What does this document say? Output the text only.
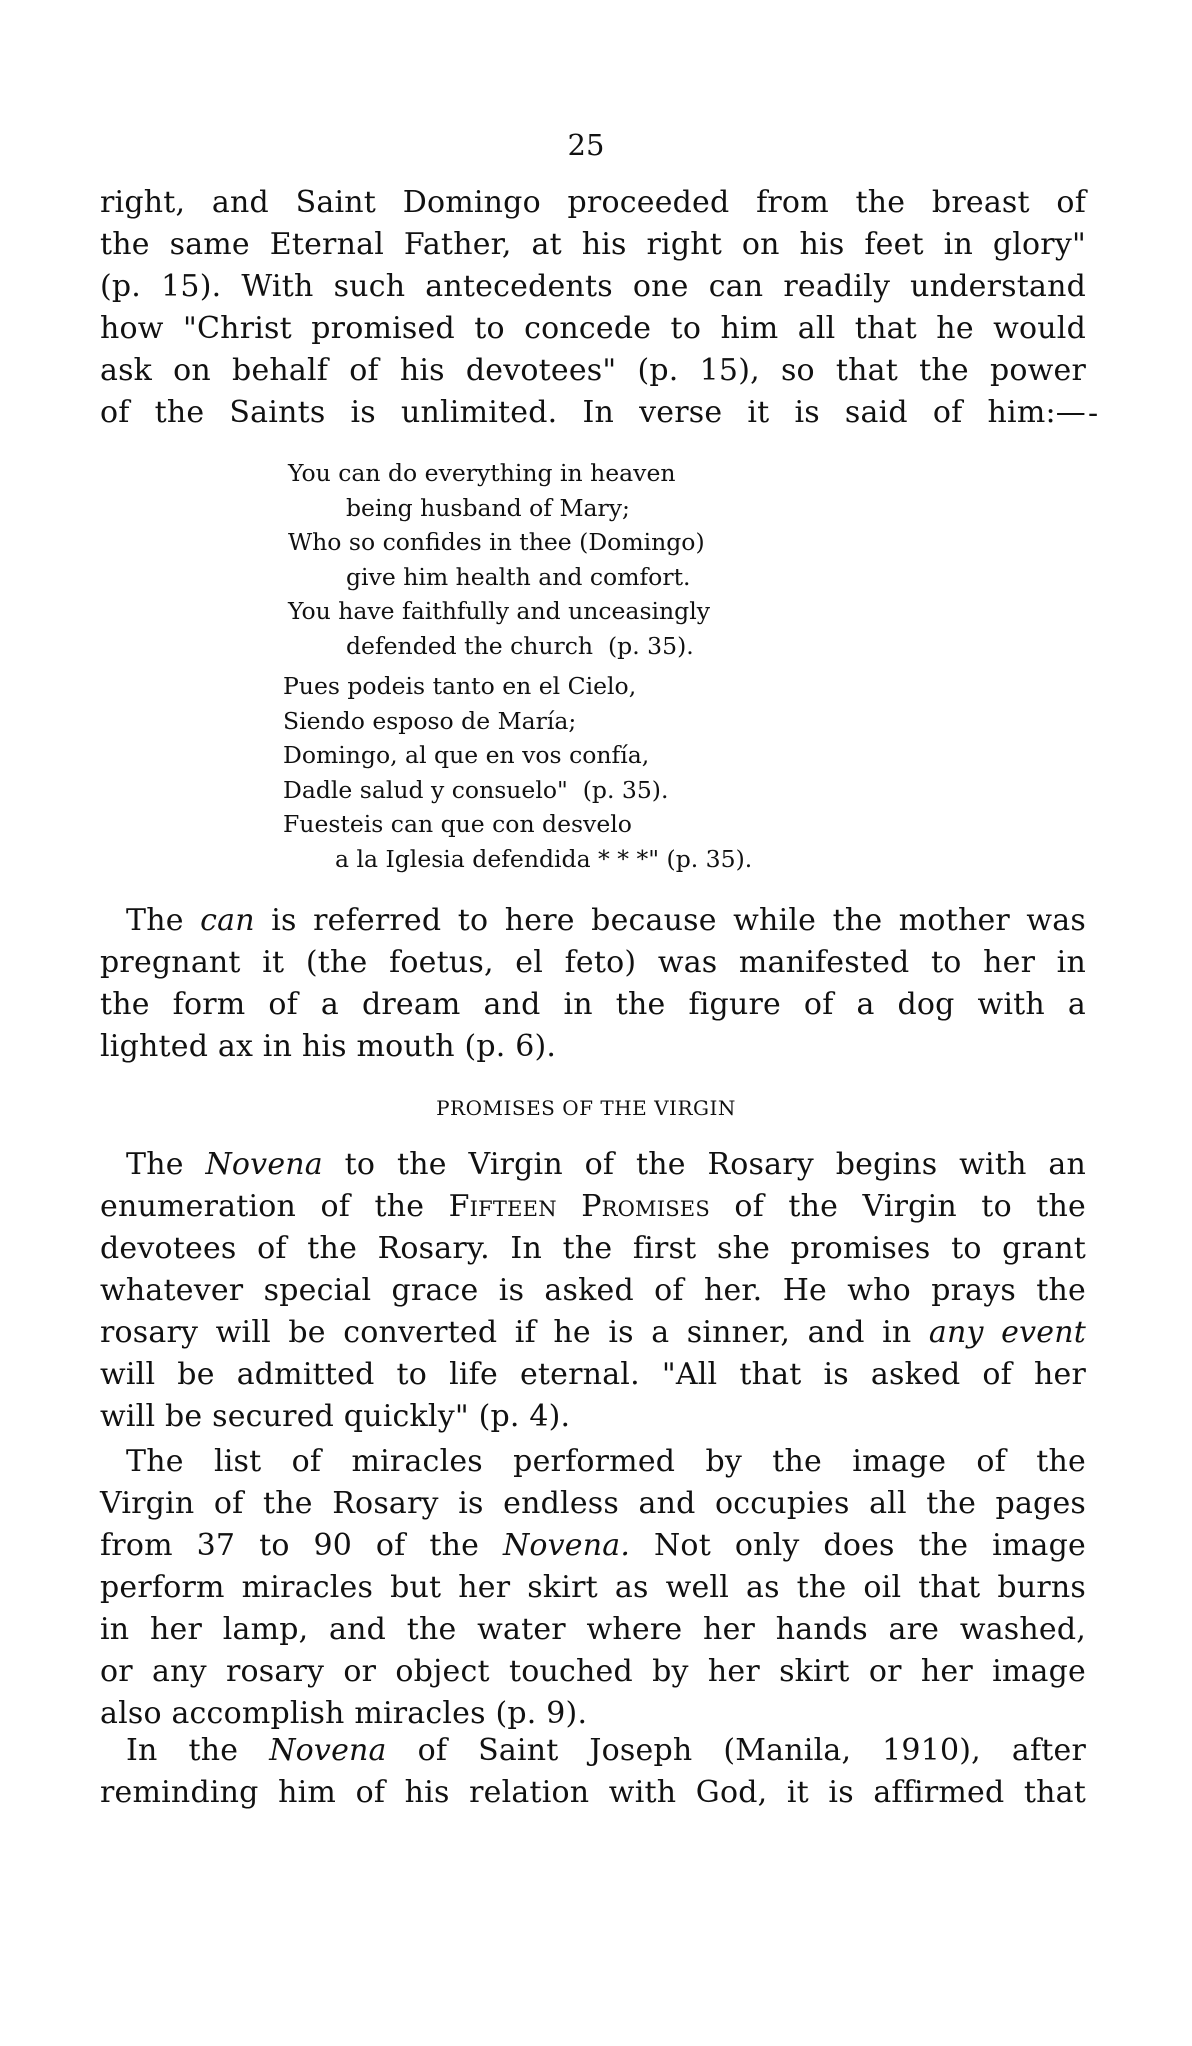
25
-
PROMISES OF THE VIRGIN
right, and Saint Domingo proceeded from the breast of
the same Eternal Father, at his right on his feet in glory"
(p. 15). With such antecedents one can readily understand
how "Christ promised to concede to him all that he would
ask on behalf of his devotees" (p. 15), so that the power
of the Saints is unlimited. In verse it is said of him:—
You can do everything in heaven
being husband of Mary;
Who so confides in thee (Domingo)
give him health and comfort.
You have faithfully and unceasingly
defended the church  (p. 35).
Pues podeis tanto en el Cielo,
Siendo esposo de María;
Domingo, al que en vos confía,
Dadle salud y consuelo"  (p. 35).
Fuesteis can que con desvelo
a la Iglesia defendida * * *" (p. 35).
The can is referred to here because while the mother was
pregnant it (the foetus, el feto) was manifested to her in
the form of a dream and in the figure of a dog with a
lighted ax in his mouth (p. 6).
The Novena to the Virgin of the Rosary begins with an
enumeration of the Fifteen Promises of the Virgin to the
devotees of the Rosary. In the first she promises to grant
whatever special grace is asked of her. He who prays the
rosary will be converted if he is a sinner, and in any event
will be admitted to life eternal. "All that is asked of her
will be secured quickly" (p. 4).
The list of miracles performed by the image of the
Virgin of the Rosary is endless and occupies all the pages
from 37 to 90 of the Novena. Not only does the image
perform miracles but her skirt as well as the oil that burns
in her lamp, and the water where her hands are washed,
or any rosary or object touched by her skirt or her image
also accomplish miracles (p. 9).
In the Novena of Saint Joseph (Manila, 1910), after
reminding him of his relation with God, it is affirmed that
